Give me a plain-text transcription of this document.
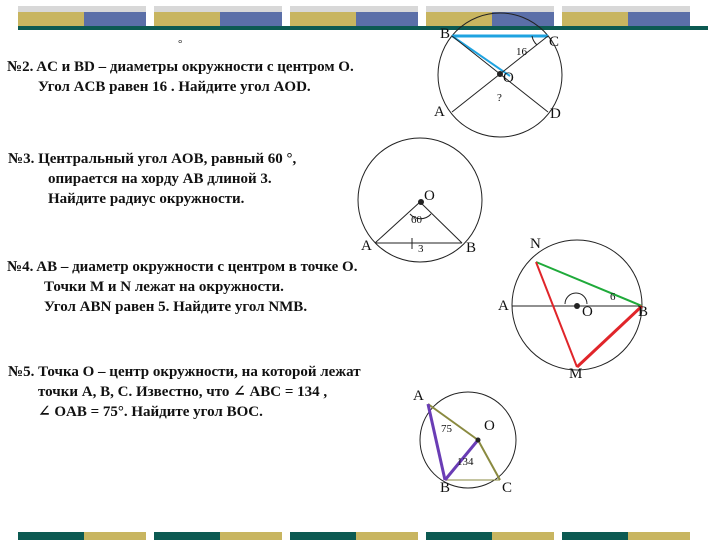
°
№2. AC и BD – диаметры окружности с центром O.
Угол ACB равен 16 . Найдите угол AOD.
№3. Центральный угол AOB, равный 60 °,
опирается на хорду AB длиной 3.
Найдите радиус окружности.
№4. AB – диаметр окружности с центром в точке O.
Точки M и N лежат на окружности.
Угол ABN равен 5. Найдите угол NMB.
№5. Точка O – центр окружности, на которой лежат
точки A, B, C. Известно, что ∠ ABC = 134 ,
∠ OAB = 75°. Найдите угол BOC.
B	C
O
A	D
16
?
O
60
A	B
3	N
A	O	B
M
6
A
O
B	C
75
134
